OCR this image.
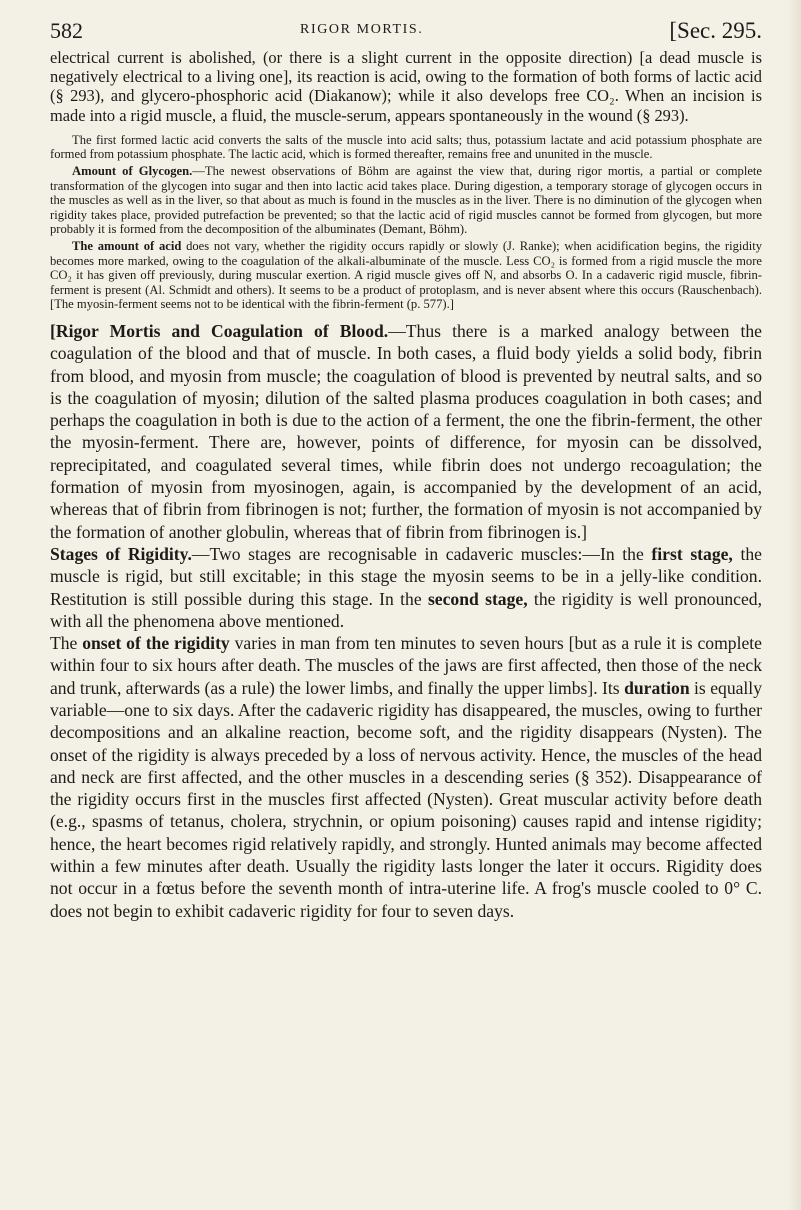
582	RIGOR MORTIS.	[Sec. 295.

electrical current is abolished, (or there is a slight current in the opposite direction) [a dead muscle is negatively electrical to a living one], its reaction is acid, owing to the formation of both forms of lactic acid (§ 293), and glycero-phosphoric acid (Diakanow); while it also develops free CO₂. When an incision is made into a rigid muscle, a fluid, the muscle-serum, appears spontaneously in the wound (§ 293).

The first formed lactic acid converts the salts of the muscle into acid salts; thus, potassium lactate and acid potassium phosphate are formed from potassium phosphate. The lactic acid, which is formed thereafter, remains free and ununited in the muscle.

Amount of Glycogen.—The newest observations of Böhm are against the view that, during rigor mortis, a partial or complete transformation of the glycogen into sugar and then into lactic acid takes place. During digestion, a temporary storage of glycogen occurs in the muscles as well as in the liver, so that about as much is found in the muscles as in the liver. There is no diminution of the glycogen when rigidity takes place, provided putrefaction be prevented; so that the lactic acid of rigid muscles cannot be formed from glycogen, but more probably it is formed from the decomposition of the albuminates (Demant, Böhm).

The amount of acid does not vary, whether the rigidity occurs rapidly or slowly (J. Ranke); when acidification begins, the rigidity becomes more marked, owing to the coagulation of the alkali-albuminate of the muscle. Less CO₂ is formed from a rigid muscle the more CO₂ it has given off previously, during muscular exertion. A rigid muscle gives off N, and absorbs O. In a cadaveric rigid muscle, fibrin-ferment is present (Al. Schmidt and others). It seems to be a product of protoplasm, and is never absent where this occurs (Rauschenbach). [The myosin-ferment seems not to be identical with the fibrin-ferment (p. 577).]

[Rigor Mortis and Coagulation of Blood.—Thus there is a marked analogy between the coagulation of the blood and that of muscle. In both cases, a fluid body yields a solid body, fibrin from blood, and myosin from muscle; the coagulation of blood is prevented by neutral salts, and so is the coagulation of myosin; dilution of the salted plasma produces coagulation in both cases; and perhaps the coagulation in both is due to the action of a ferment, the one the fibrin-ferment, the other the myosin-ferment. There are, however, points of difference, for myosin can be dissolved, reprecipitated, and coagulated several times, while fibrin does not undergo recoagulation; the formation of myosin from myosinogen, again, is accompanied by the development of an acid, whereas that of fibrin from fibrinogen is not; further, the formation of myosin is not accompanied by the formation of another globulin, whereas that of fibrin from fibrinogen is.]

Stages of Rigidity.—Two stages are recognisable in cadaveric muscles:—In the first stage, the muscle is rigid, but still excitable; in this stage the myosin seems to be in a jelly-like condition. Restitution is still possible during this stage. In the second stage, the rigidity is well pronounced, with all the phenomena above mentioned.

The onset of the rigidity varies in man from ten minutes to seven hours [but as a rule it is complete within four to six hours after death. The muscles of the jaws are first affected, then those of the neck and trunk, afterwards (as a rule) the lower limbs, and finally the upper limbs]. Its duration is equally variable—one to six days. After the cadaveric rigidity has disappeared, the muscles, owing to further decompositions and an alkaline reaction, become soft, and the rigidity disappears (Nysten). The onset of the rigidity is always preceded by a loss of nervous activity. Hence, the muscles of the head and neck are first affected, and the other muscles in a descending series (§ 352). Disappearance of the rigidity occurs first in the muscles first affected (Nysten). Great muscular activity before death (e.g., spasms of tetanus, cholera, strychnin, or opium poisoning) causes rapid and intense rigidity; hence, the heart becomes rigid relatively rapidly, and strongly. Hunted animals may become affected within a few minutes after death. Usually the rigidity lasts longer the later it occurs. Rigidity does not occur in a fœtus before the seventh month of intra-uterine life. A frog's muscle cooled to 0° C. does not begin to exhibit cadaveric rigidity for four to seven days.
